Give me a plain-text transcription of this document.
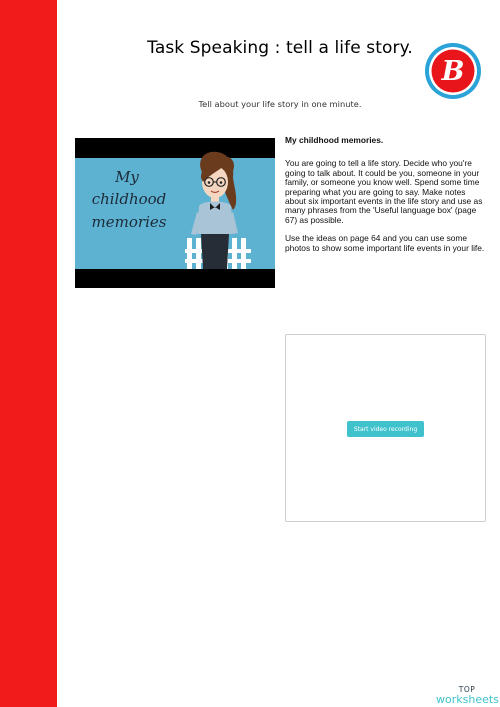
Task Speaking : tell a life story.
B
Tell about your life story in one minute.
My
childhood
memories
My childhood memories.

You are going to tell a life story. Decide who you're going to talk about. It could be you, someone in your family, or someone you know well. Spend some time preparing what you are going to say. Make notes about six important events in the life story and use as many phrases from the 'Useful language box' (page 67) as possible.

Use the ideas on page 64 and you can use some photos to show some important life events in your life.

Start video recording
TOP
worksheets
